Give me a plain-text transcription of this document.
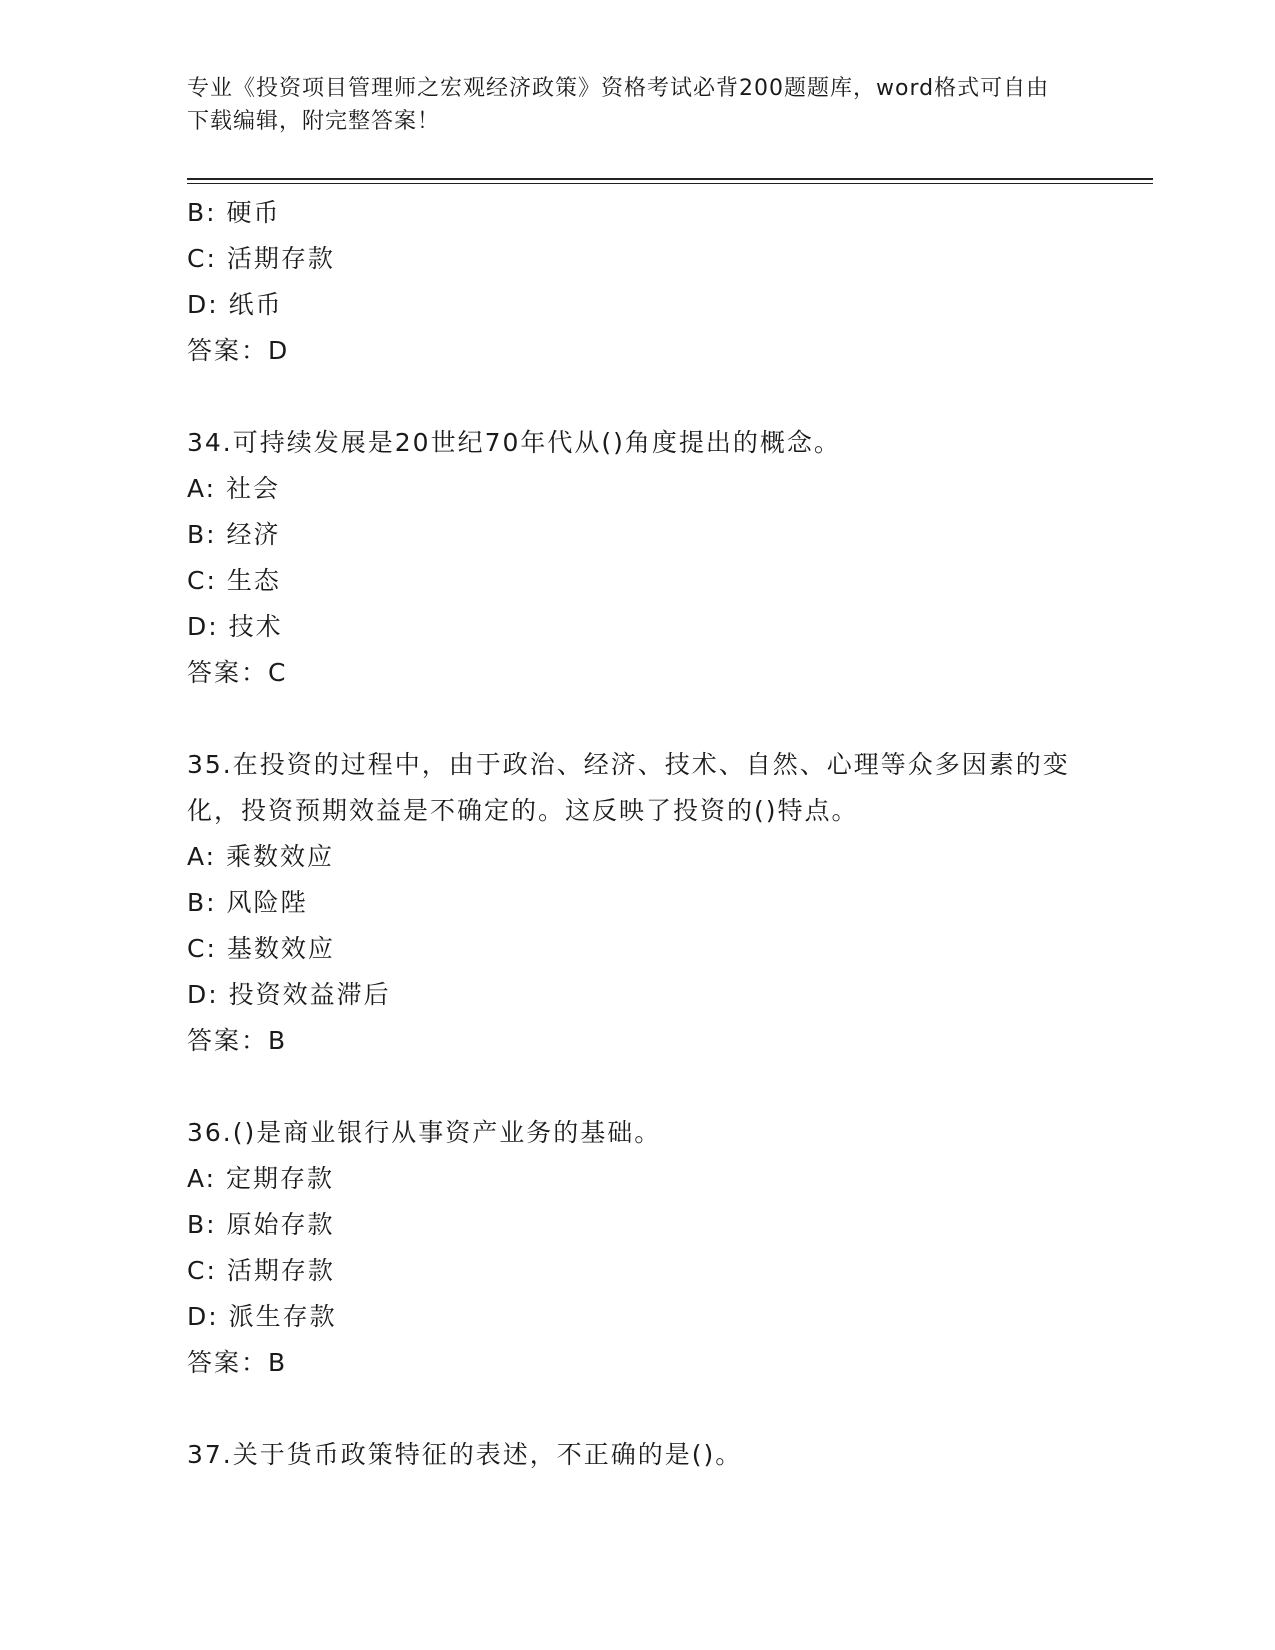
专业《投资项目管理师之宏观经济政策》资格考试必背200题题库，word格式可自由下载编辑，附完整答案！
B: 硬币
C: 活期存款
D: 纸币
答案：D
34.可持续发展是20世纪70年代从()角度提出的概念。
A: 社会
B: 经济
C: 生态
D: 技术
答案：C
35.在投资的过程中，由于政治、经济、技术、自然、心理等众多因素的变化，投资预期效益是不确定的。这反映了投资的()特点。
A: 乘数效应
B: 风险陛
C: 基数效应
D: 投资效益滞后
答案：B
36.()是商业银行从事资产业务的基础。
A: 定期存款
B: 原始存款
C: 活期存款
D: 派生存款
答案：B
37.关于货币政策特征的表述，不正确的是()。
